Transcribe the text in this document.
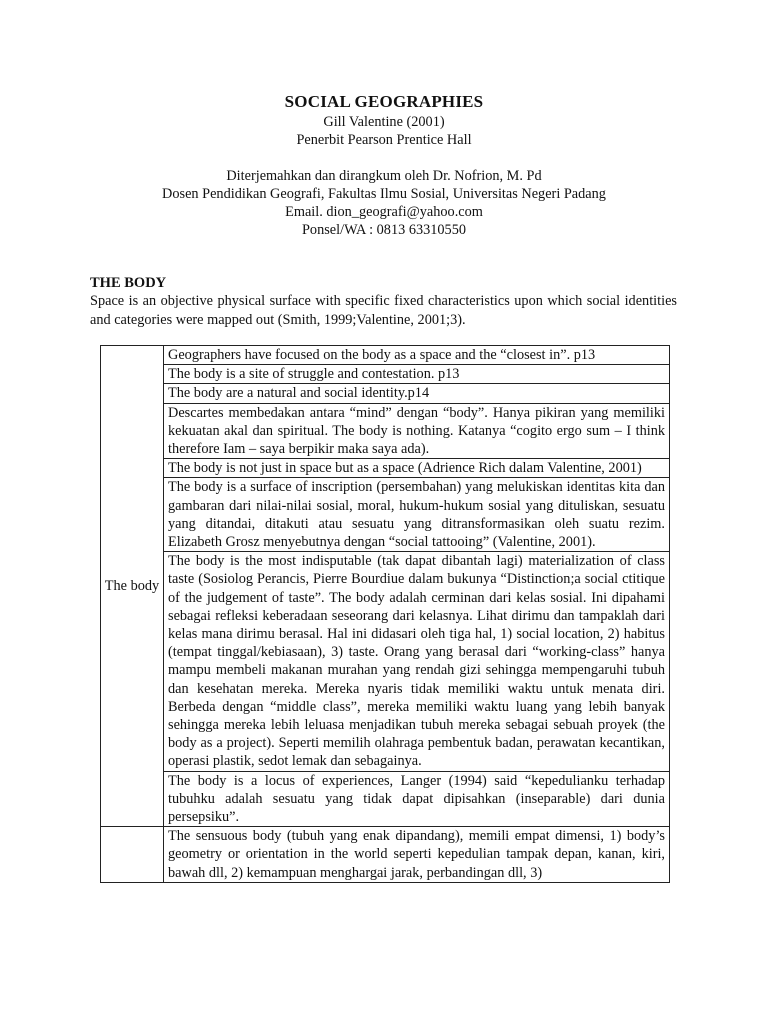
SOCIAL GEOGRAPHIES
Gill Valentine (2001)
Penerbit Pearson Prentice Hall
Diterjemahkan dan dirangkum oleh Dr. Nofrion, M. Pd
Dosen Pendidikan Geografi, Fakultas Ilmu Sosial, Universitas Negeri Padang
Email. dion_geografi@yahoo.com
Ponsel/WA : 0813 63310550
THE BODY
Space is an objective physical surface with specific fixed characteristics upon which social identities and categories were mapped out (Smith, 1999;Valentine, 2001;3).
The body	Geographers have focused on the body as a space and the “closest in”. p13
	The body is a site of struggle and contestation. p13
	The body are a natural and social identity.p14
	Descartes membedakan antara “mind” dengan “body”. Hanya pikiran yang memiliki kekuatan akal dan spiritual. The body is nothing. Katanya “cogito ergo sum – I think therefore Iam – saya berpikir maka saya ada).
	The body is not just in space but as a space (Adrience Rich dalam Valentine, 2001)
	The body is a surface of inscription (persembahan) yang melukiskan identitas kita dan gambaran dari nilai-nilai sosial, moral, hukum-hukum sosial yang dituliskan, sesuatu yang ditandai, ditakuti atau sesuatu yang ditransformasikan oleh suatu rezim. Elizabeth Grosz menyebutnya dengan “social tattooing” (Valentine, 2001).
	The body is the most indisputable (tak dapat dibantah lagi) materialization of class taste (Sosiolog Perancis, Pierre Bourdiue dalam bukunya “Distinction;a social ctitique of the judgement of taste”. The body adalah cerminan dari kelas sosial. Ini dipahami sebagai refleksi keberadaan seseorang dari kelasnya. Lihat dirimu dan tampaklah dari kelas mana dirimu berasal. Hal ini didasari oleh tiga hal, 1) social location, 2) habitus (tempat tinggal/kebiasaan), 3) taste. Orang yang berasal dari “working-class” hanya mampu membeli makanan murahan yang rendah gizi sehingga mempengaruhi tubuh dan kesehatan mereka. Mereka nyaris tidak memiliki waktu untuk menata diri. Berbeda dengan “middle class”, mereka memiliki waktu luang yang lebih banyak sehingga mereka lebih leluasa menjadikan tubuh mereka sebagai sebuah proyek (the body as a project). Seperti memilih olahraga pembentuk badan, perawatan kecantikan, operasi plastik, sedot lemak dan sebagainya.
	The body is a locus of experiences, Langer (1994) said “kepedulianku terhadap tubuhku adalah sesuatu yang tidak dapat dipisahkan (inseparable) dari dunia persepsiku”.
	The sensuous body (tubuh yang enak dipandang), memili empat dimensi, 1) body’s geometry or orientation in the world seperti kepedulian tampak depan, kanan, kiri, bawah dll, 2) kemampuan menghargai jarak, perbandingan dll, 3)
